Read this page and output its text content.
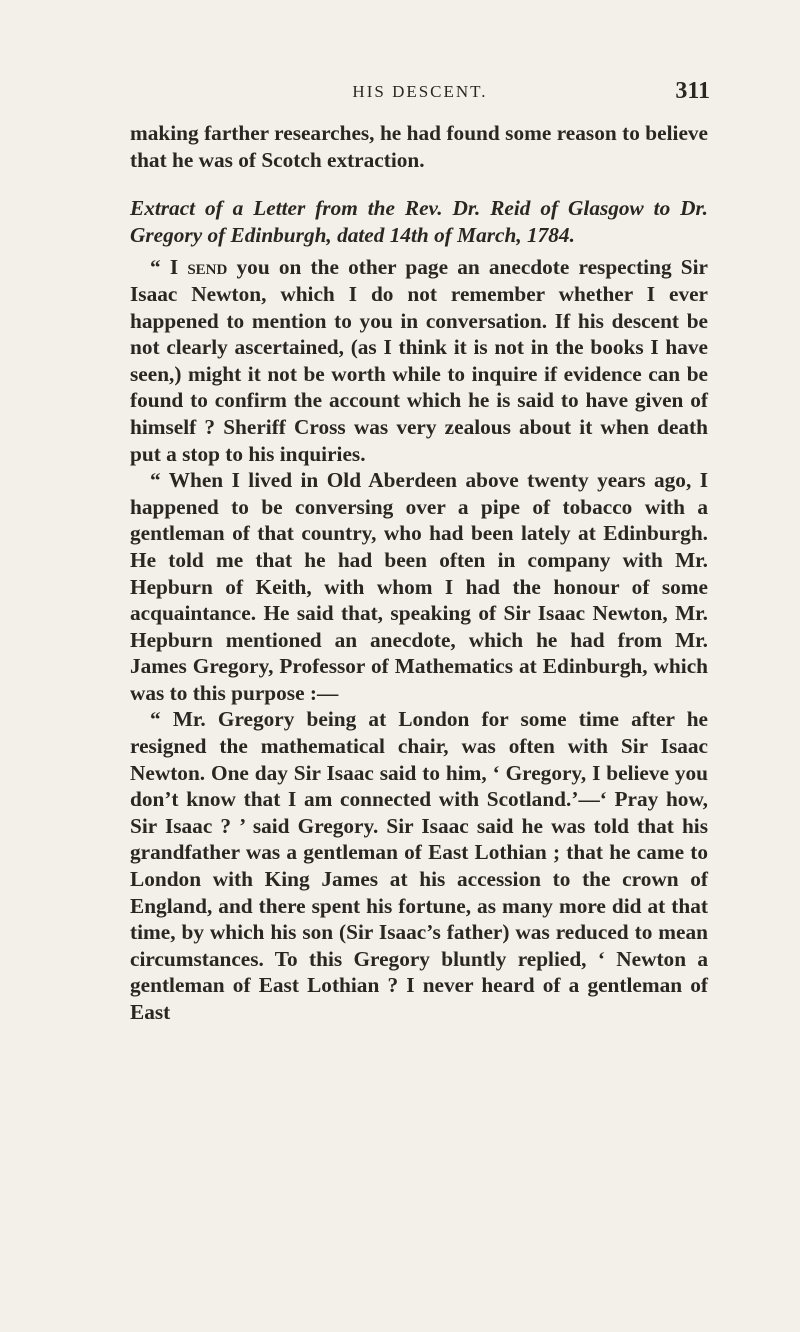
HIS DESCENT.	311

making farther researches, he had found some reason to believe that he was of Scotch extraction.

Extract of a Letter from the Rev. Dr. Reid of Glasgow to Dr. Gregory of Edinburgh, dated 14th of March, 1784.

“ I send you on the other page an anecdote respecting Sir Isaac Newton, which I do not remember whether I ever happened to mention to you in conversation. If his descent be not clearly ascertained, (as I think it is not in the books I have seen,) might it not be worth while to inquire if evidence can be found to confirm the account which he is said to have given of himself ? Sheriff Cross was very zealous about it when death put a stop to his inquiries.

“ When I lived in Old Aberdeen above twenty years ago, I happened to be conversing over a pipe of tobacco with a gentleman of that country, who had been lately at Edinburgh. He told me that he had been often in company with Mr. Hepburn of Keith, with whom I had the honour of some acquaintance. He said that, speaking of Sir Isaac Newton, Mr. Hepburn mentioned an anecdote, which he had from Mr. James Gregory, Professor of Mathematics at Edinburgh, which was to this purpose :—

“ Mr. Gregory being at London for some time after he resigned the mathematical chair, was often with Sir Isaac Newton. One day Sir Isaac said to him, ‘ Gregory, I believe you don’t know that I am connected with Scotland.’—‘ Pray how, Sir Isaac ? ’ said Gregory. Sir Isaac said he was told that his grandfather was a gentleman of East Lothian ; that he came to London with King James at his accession to the crown of England, and there spent his fortune, as many more did at that time, by which his son (Sir Isaac’s father) was reduced to mean circumstances. To this Gregory bluntly replied, ‘ Newton a gentleman of East Lothian ? I never heard of a gentleman of East
